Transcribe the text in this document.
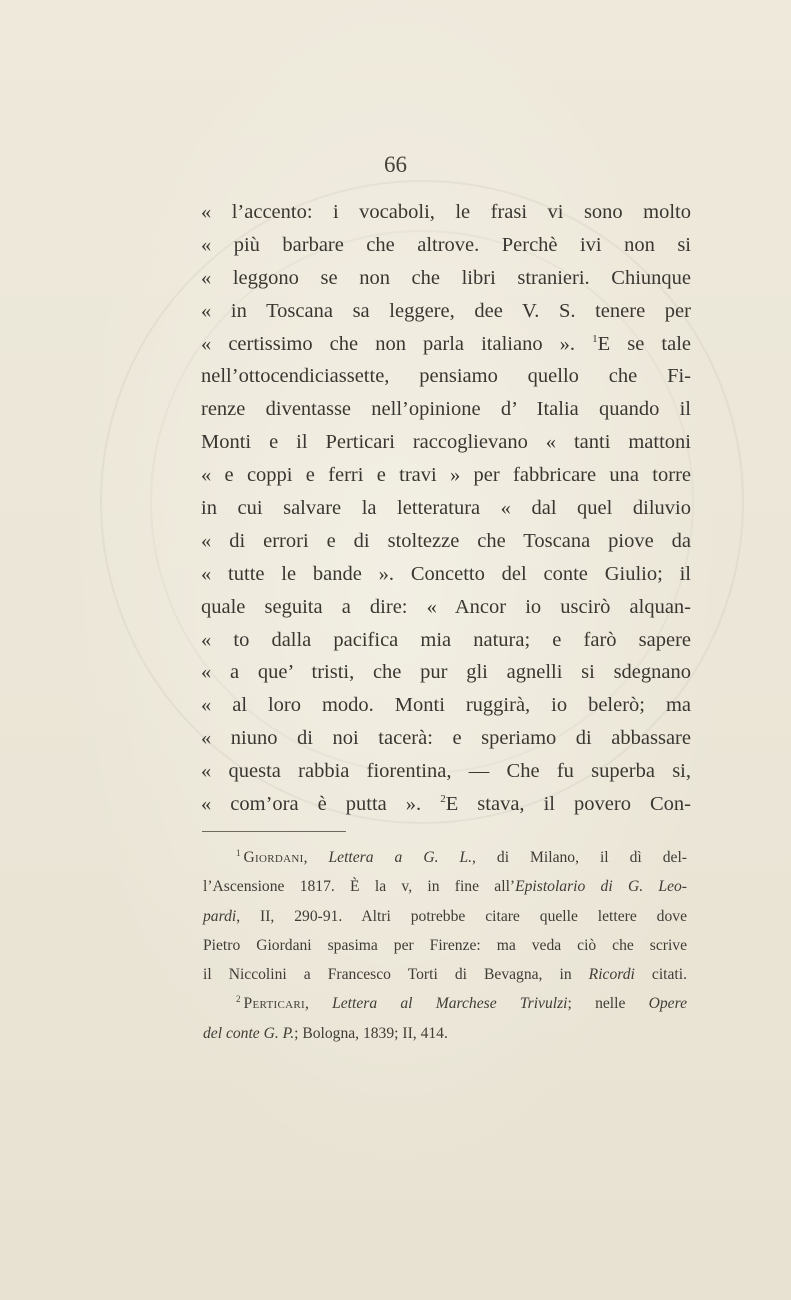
66
« l’accento: i vocaboli, le frasi vi sono molto
« più barbare che altrove. Perchè ivi non si
« leggono se non che libri stranieri. Chiunque
« in Toscana sa leggere, dee V. S. tenere per
« certissimo che non parla italiano ». $^1$E se tale
nell’ottocendiciassette, pensiamo quello che Fi-
renze diventasse nell’opinione d’ Italia quando il
Monti e il Perticari raccoglievano « tanti mattoni
« e coppi e ferri e travi » per fabbricare una torre
in cui salvare la letteratura « dal quel diluvio
« di errori e di stoltezze che Toscana piove da
« tutte le bande ». Concetto del conte Giulio; il
quale seguita a dire: « Ancor io uscirò alquan-
« to dalla pacifica mia natura; e farò sapere
« a que’ tristi, che pur gli agnelli si sdegnano
« al loro modo. Monti ruggirà, io belerò; ma
« niuno di noi tacerà: e speriamo di abbassare
« questa rabbia fiorentina, — Che fu superba si,
« com’ora è putta ». $^2$E stava, il povero Con-
$^1$ Giordani, Lettera a G. L., di Milano, il dì del-
l’Ascensione 1817. È la v, in fine all’Epistolario di G. Leo-
pardi, II, 290-91. Altri potrebbe citare quelle lettere dove
Pietro Giordani spasima per Firenze: ma veda ciò che scrive
il Niccolini a Francesco Torti di Bevagna, in Ricordi citati.
$^2$ Perticari, Lettera al Marchese Trivulzi; nelle Opere
del conte G. P.; Bologna, 1839; II, 414.
